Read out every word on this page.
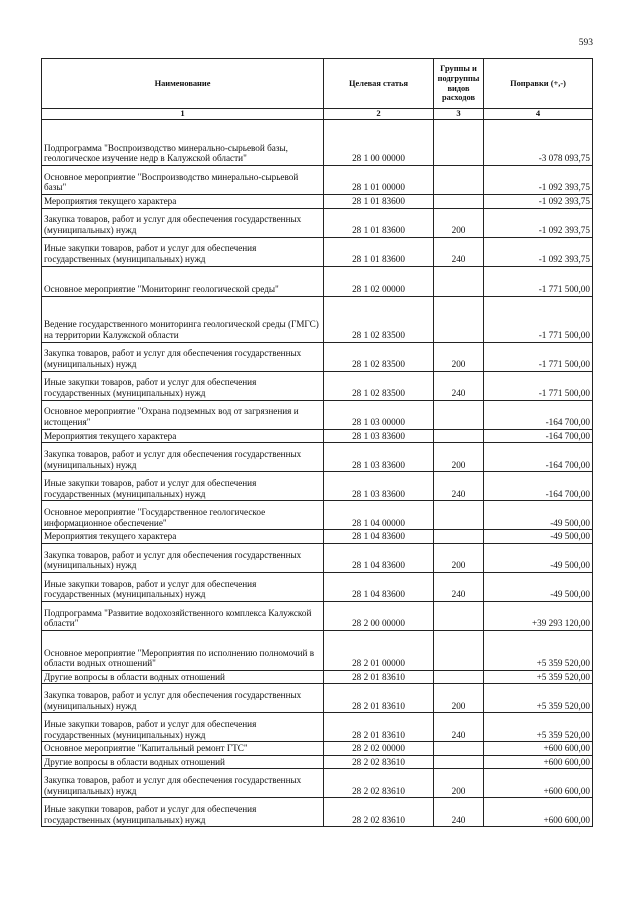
593
Наименование	Целевая статья	Группы и подгруппы видов расходов	Поправки (+,-)
1	2	3	4
Подпрограмма "Воспроизводство минерально-сырьевой базы, геологическое изучение недр в Калужской области"	28 1 00 00000		-3 078 093,75
Основное мероприятие "Воспроизводство минерально-сырьевой базы"	28 1 01 00000		-1 092 393,75
Мероприятия текущего характера	28 1 01 83600		-1 092 393,75
Закупка товаров, работ и услуг для обеспечения государственных (муниципальных) нужд	28 1 01 83600	200	-1 092 393,75
Иные закупки товаров, работ и услуг для обеспечения государственных (муниципальных) нужд	28 1 01 83600	240	-1 092 393,75
Основное мероприятие "Мониторинг геологической среды"	28 1 02 00000		-1 771 500,00
Ведение государственного мониторинга геологической среды (ГМГС) на территории Калужской области	28 1 02 83500		-1 771 500,00
Закупка товаров, работ и услуг для обеспечения государственных (муниципальных) нужд	28 1 02 83500	200	-1 771 500,00
Иные закупки товаров, работ и услуг для обеспечения государственных (муниципальных) нужд	28 1 02 83500	240	-1 771 500,00
Основное мероприятие "Охрана подземных вод от загрязнения и истощения"	28 1 03 00000		-164 700,00
Мероприятия текущего характера	28 1 03 83600		-164 700,00
Закупка товаров, работ и услуг для обеспечения государственных (муниципальных) нужд	28 1 03 83600	200	-164 700,00
Иные закупки товаров, работ и услуг для обеспечения государственных (муниципальных) нужд	28 1 03 83600	240	-164 700,00
Основное мероприятие "Государственное геологическое информационное обеспечение"	28 1 04 00000		-49 500,00
Мероприятия текущего характера	28 1 04 83600		-49 500,00
Закупка товаров, работ и услуг для обеспечения государственных (муниципальных) нужд	28 1 04 83600	200	-49 500,00
Иные закупки товаров, работ и услуг для обеспечения государственных (муниципальных) нужд	28 1 04 83600	240	-49 500,00
Подпрограмма "Развитие водохозяйственного комплекса Калужской области"	28 2 00 00000		+39 293 120,00
Основное мероприятие "Мероприятия по исполнению полномочий в области водных отношений"	28 2 01 00000		+5 359 520,00
Другие вопросы в области водных отношений	28 2 01 83610		+5 359 520,00
Закупка товаров, работ и услуг для обеспечения государственных (муниципальных) нужд	28 2 01 83610	200	+5 359 520,00
Иные закупки товаров, работ и услуг для обеспечения государственных (муниципальных) нужд	28 2 01 83610	240	+5 359 520,00
Основное мероприятие "Капитальный ремонт ГТС"	28 2 02 00000		+600 600,00
Другие вопросы в области водных отношений	28 2 02 83610		+600 600,00
Закупка товаров, работ и услуг для обеспечения государственных (муниципальных) нужд	28 2 02 83610	200	+600 600,00
Иные закупки товаров, работ и услуг для обеспечения государственных (муниципальных) нужд	28 2 02 83610	240	+600 600,00
